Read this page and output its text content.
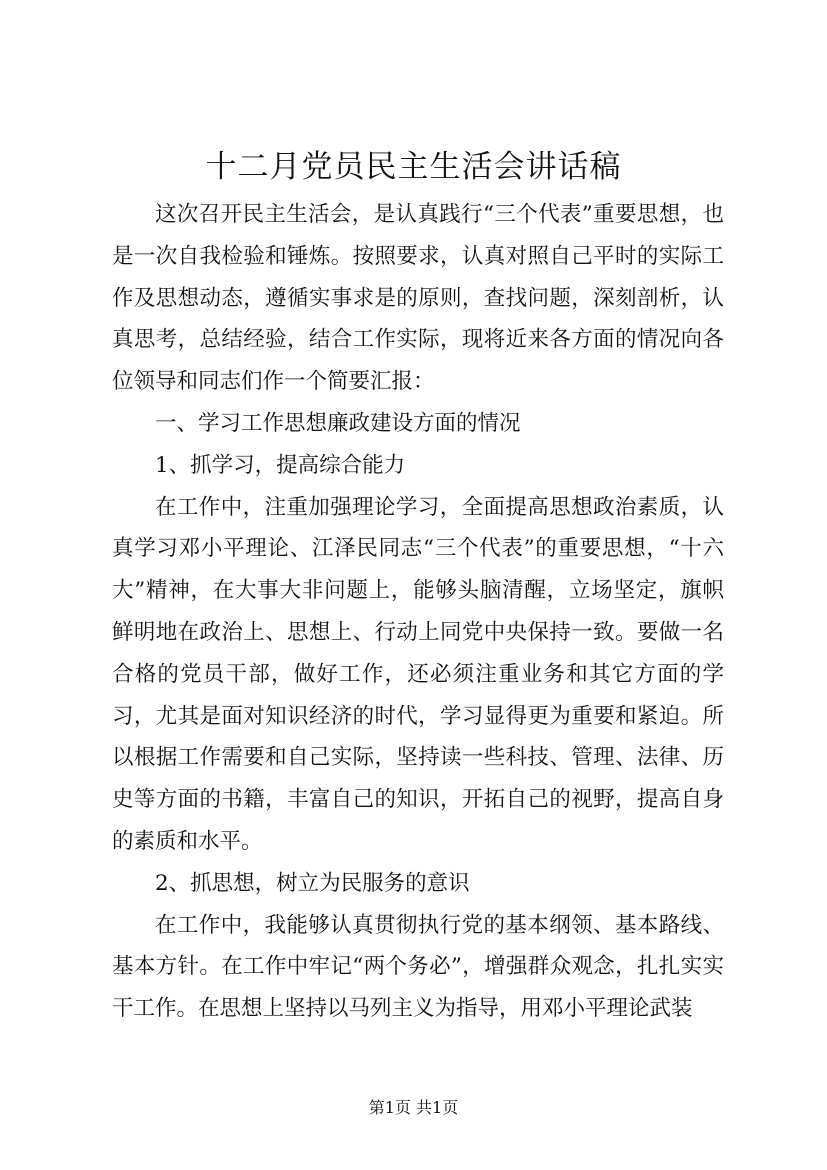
十二月党员民主生活会讲话稿

这次召开民主生活会，是认真践行“三个代表”重要思想，也是一次自我检验和锤炼。按照要求，认真对照自己平时的实际工作及思想动态，遵循实事求是的原则，查找问题，深刻剖析，认真思考，总结经验，结合工作实际，现将近来各方面的情况向各位领导和同志们作一个简要汇报：

一、学习工作思想廉政建设方面的情况

1、抓学习，提高综合能力

在工作中，注重加强理论学习，全面提高思想政治素质，认真学习邓小平理论、江泽民同志“三个代表”的重要思想，“十六大”精神，在大事大非问题上，能够头脑清醒，立场坚定，旗帜鲜明地在政治上、思想上、行动上同党中央保持一致。要做一名合格的党员干部，做好工作，还必须注重业务和其它方面的学习，尤其是面对知识经济的时代，学习显得更为重要和紧迫。所以根据工作需要和自己实际，坚持读一些科技、管理、法律、历史等方面的书籍，丰富自己的知识，开拓自己的视野，提高自身的素质和水平。

2、抓思想，树立为民服务的意识

在工作中，我能够认真贯彻执行党的基本纲领、基本路线、基本方针。在工作中牢记“两个务必”，增强群众观念，扎扎实实干工作。在思想上坚持以马列主义为指导，用邓小平理论武装

第1页 共1页
